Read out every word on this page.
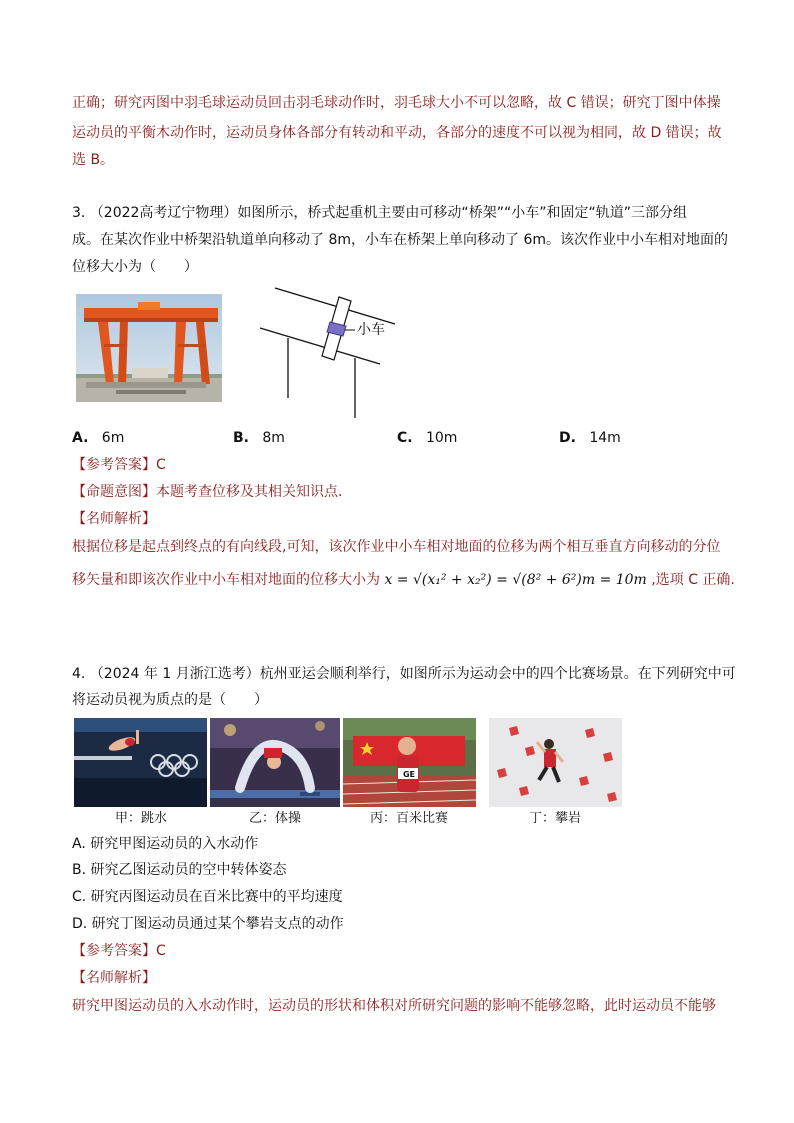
正确；研究丙图中羽毛球运动员回击羽毛球动作时，羽毛球大小不可以忽略，故 C 错误；研究丁图中体操
运动员的平衡木动作时，运动员身体各部分有转动和平动，各部分的速度不可以视为相同，故 D 错误；故
选 B。
3. （2022高考辽宁物理）如图所示，桥式起重机主要由可移动“桥架”“小车”和固定“轨道”三部分组
成。在某次作业中桥架沿轨道单向移动了 8m，小车在桥架上单向移动了 6m。该次作业中小车相对地面的
位移大小为（　　）
小车
A. 6m	B. 8m	C. 10m	D. 14m
【参考答案】C
【命题意图】本题考查位移及其相关知识点.
【名师解析】
根据位移是起点到终点的有向线段,可知，该次作业中小车相对地面的位移为两个相互垂直方向移动的分位
移矢量和即该次作业中小车相对地面的位移大小为 x = √(x₁² + x₂²) = √(8² + 6²)m = 10m ,选项 C 正确.
4. （2024 年 1 月浙江选考）杭州亚运会顺利举行，如图所示为运动会中的四个比赛场景。在下列研究中可
将运动员视为质点的是（　　）
GE
甲：跳水	乙：体操	丙：百米比赛	丁：攀岩
A. 研究甲图运动员的入水动作
B. 研究乙图运动员的空中转体姿态
C. 研究丙图运动员在百米比赛中的平均速度
D. 研究丁图运动员通过某个攀岩支点的动作
【参考答案】C
【名师解析】
研究甲图运动员的入水动作时，运动员的形状和体积对所研究问题的影响不能够忽略，此时运动员不能够
